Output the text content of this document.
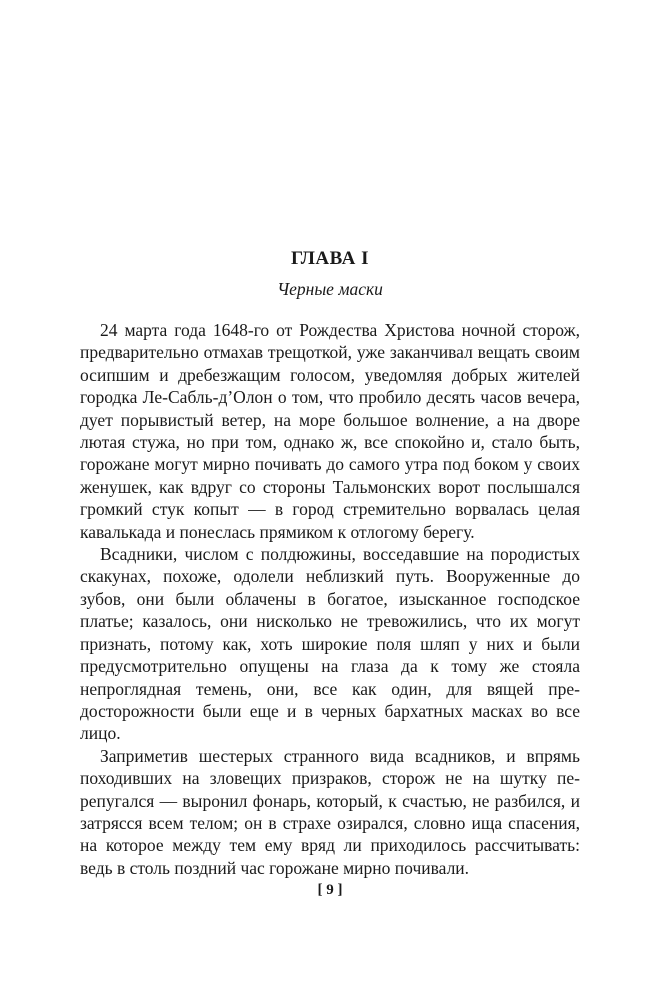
ГЛАВА I
Черные маски

24 марта года 1648-го от Рождества Христова ночной сторож, предварительно отмахав трещоткой, уже заканчивал вещать своим осипшим и дребезжащим голосом, уведомляя добрых жителей городка Ле-Сабль-д’Олон о том, что пробило десять часов вечера, дует порывистый ветер, на море большое волнение, а на дворе лютая стужа, но при том, однако ж, все спокойно и, стало быть, горожане могут мирно почивать до самого утра под боком у своих женушек, как вдруг со стороны Тальмонских ворот послышался громкий стук копыт — в город стремительно ворвалась целая кавалькада и понеслась прямиком к отлогому берегу.

Всадники, числом с полдюжины, восседавшие на породистых скакунах, похоже, одолели неблизкий путь. Вооруженные до зубов, они были облачены в богатое, изысканное господское платье; казалось, они нисколько не тревожились, что их могут признать, потому как, хоть широкие поля шляп у них и были предусмотрительно опущены на глаза да к тому же стояла непроглядная темень, они, все как один, для вящей предосторожности были еще и в черных бархатных масках во все лицо.

Заприметив шестерых странного вида всадников, и впрямь походивших на зловещих призраков, сторож не на шутку перепугался — выронил фонарь, который, к счастью, не разбился, и затрясся всем телом; он в страхе озирался, словно ища спасения, на которое между тем ему вряд ли приходилось рассчитывать: ведь в столь поздний час горожане мирно почивали.

[ 9 ]
